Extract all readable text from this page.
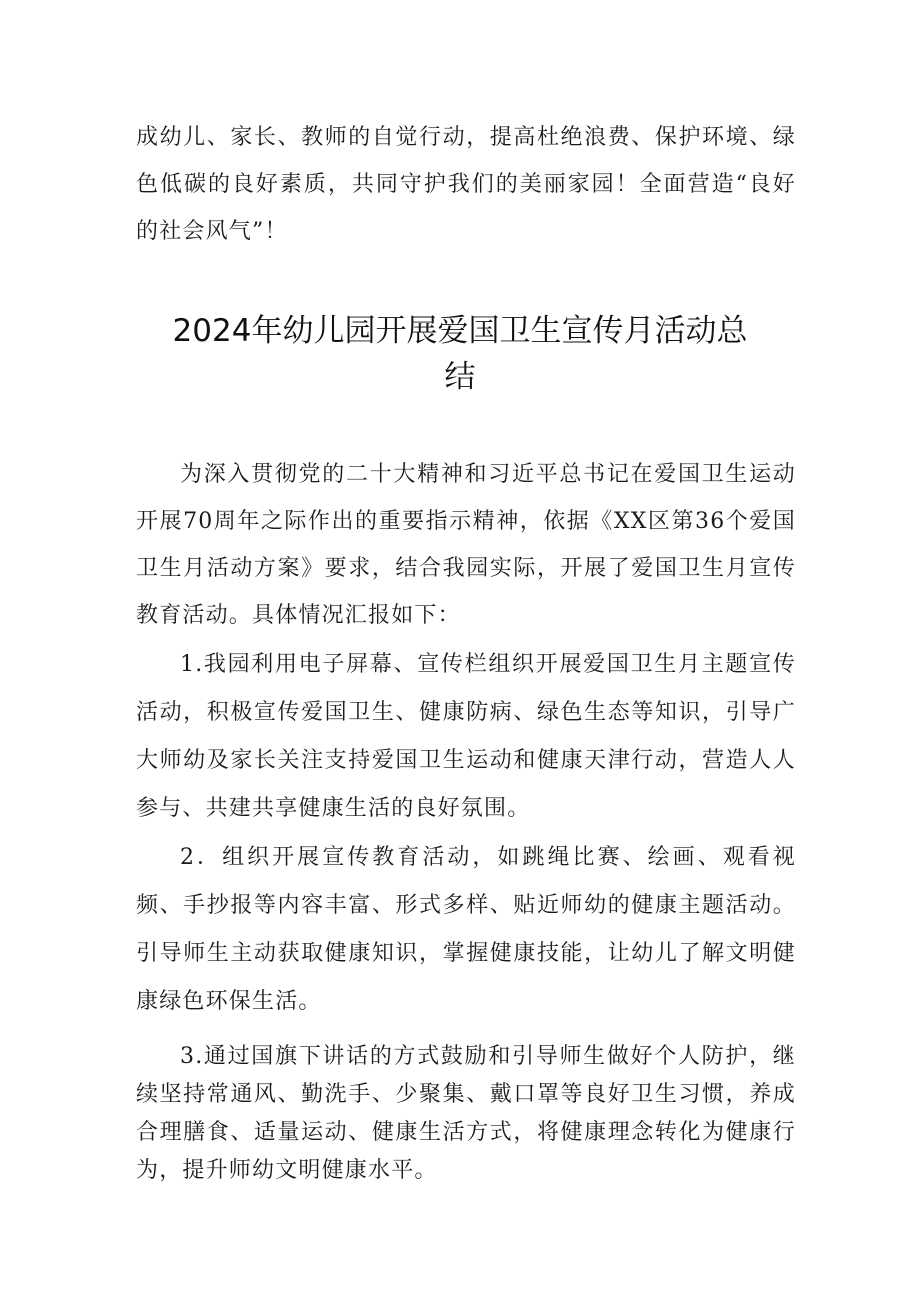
成幼儿、家长、教师的自觉行动，提高杜绝浪费、保护环境、绿色低碳的良好素质，共同守护我们的美丽家园！全面营造“良好的社会风气”！

2024年幼儿园开展爱国卫生宣传月活动总
结

为深入贯彻党的二十大精神和习近平总书记在爱国卫生运动开展70周年之际作出的重要指示精神，依据《XX区第36个爱国卫生月活动方案》要求，结合我园实际，开展了爱国卫生月宣传教育活动。具体情况汇报如下：

1.我园利用电子屏幕、宣传栏组织开展爱国卫生月主题宣传活动，积极宣传爱国卫生、健康防病、绿色生态等知识，引导广大师幼及家长关注支持爱国卫生运动和健康天津行动，营造人人参与、共建共享健康生活的良好氛围。

2．组织开展宣传教育活动，如跳绳比赛、绘画、观看视频、手抄报等内容丰富、形式多样、贴近师幼的健康主题活动。引导师生主动获取健康知识，掌握健康技能，让幼儿了解文明健康绿色环保生活。

3.通过国旗下讲话的方式鼓励和引导师生做好个人防护，继续坚持常通风、勤洗手、少聚集、戴口罩等良好卫生习惯，养成合理膳食、适量运动、健康生活方式，将健康理念转化为健康行为，提升师幼文明健康水平。
